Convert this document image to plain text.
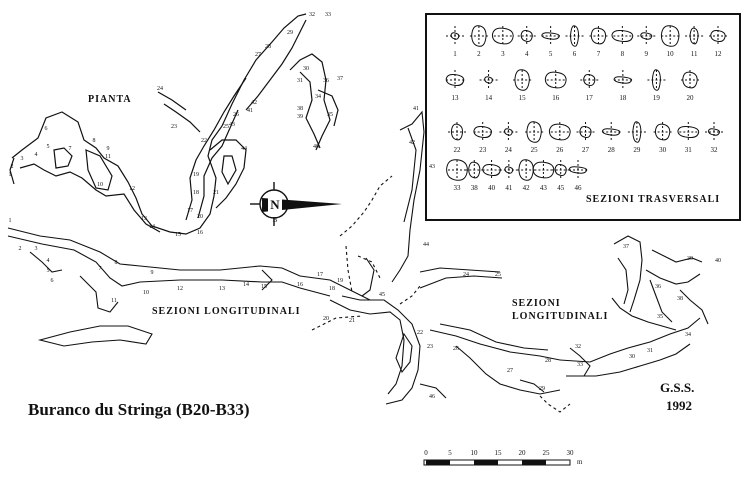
N
B
1	2	3	4	5	6	7	8	9	10 11 12
13	14	15	16	17	18	19	20
22	23	24	25	26	27	28	29	30	31	32
33 38 40 41 42 43 45 46
1
2
3
4
5
6
7
8
9
10
11
12
13
14
15	16
17
18
19
20
21
22
23
24
25
26
27
28
29
30
31
32 33
34
35
36 37
38
39
40
41
42
43
44
1
2 3
4
5
6
7
8
9
10
11
12	13
14 15	16
17
18
19
20	21
22
23
24	25
26
27
28
29
30
31
32
33
34
35
36
37
38
39	40
41
42
43
44
45
46
0	5	10 15 20 25 30
m
PIANTA
SEZIONI TRASVERSALI
SEZIONI LONGITUDINALI
SEZIONI
LONGITUDINALI
Buranco du Stringa (B20-B33)
G.S.S.
1992
